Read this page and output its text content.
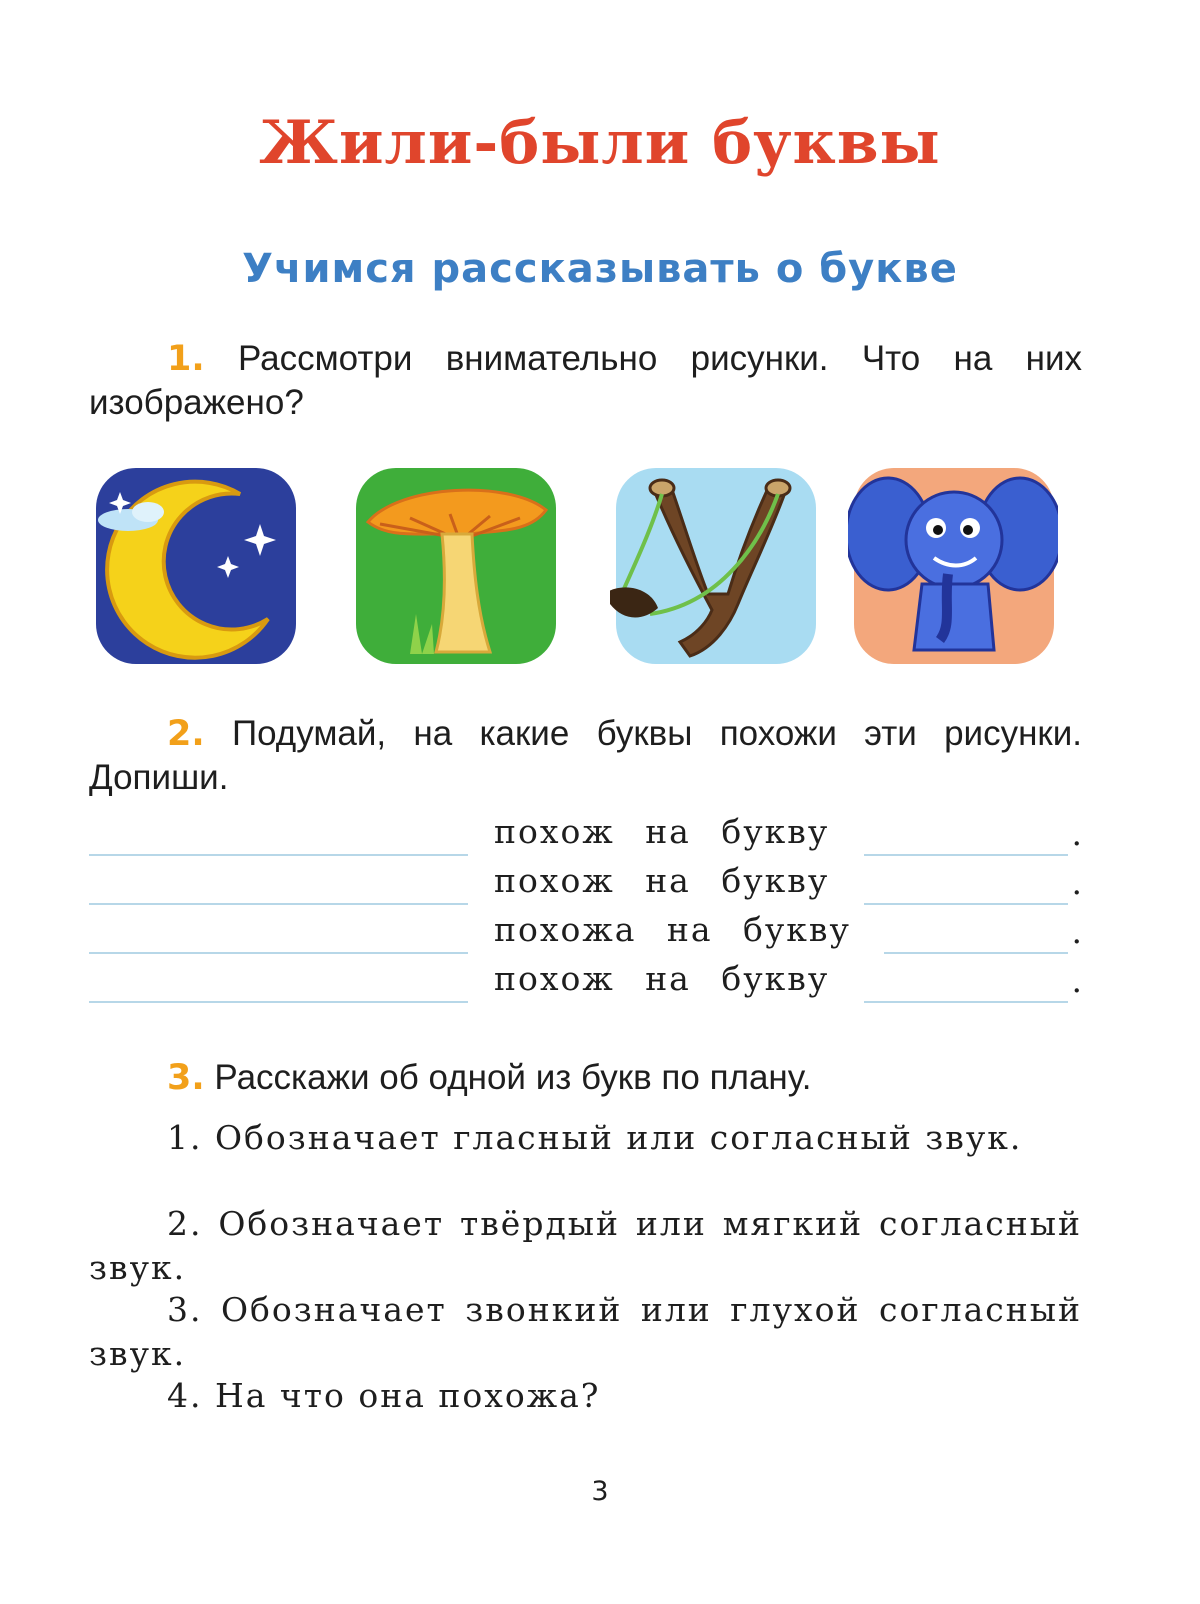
Жили-были буквы
Учимся рассказывать о букве
1. Рассмотри внимательно рисунки. Что на них изображено?
2. Подумай, на какие буквы похожи эти рисунки. Допиши.
похож на букву	.
похож на букву	.
похожа на букву	.
похож на букву	.
3. Расскажи об одной из букв по плану.
1. Обозначает гласный или согласный звук.
2. Обозначает твёрдый или мягкий согласный звук.
3. Обозначает звонкий или глухой согласный звук.
4. На что она похожа?
3
